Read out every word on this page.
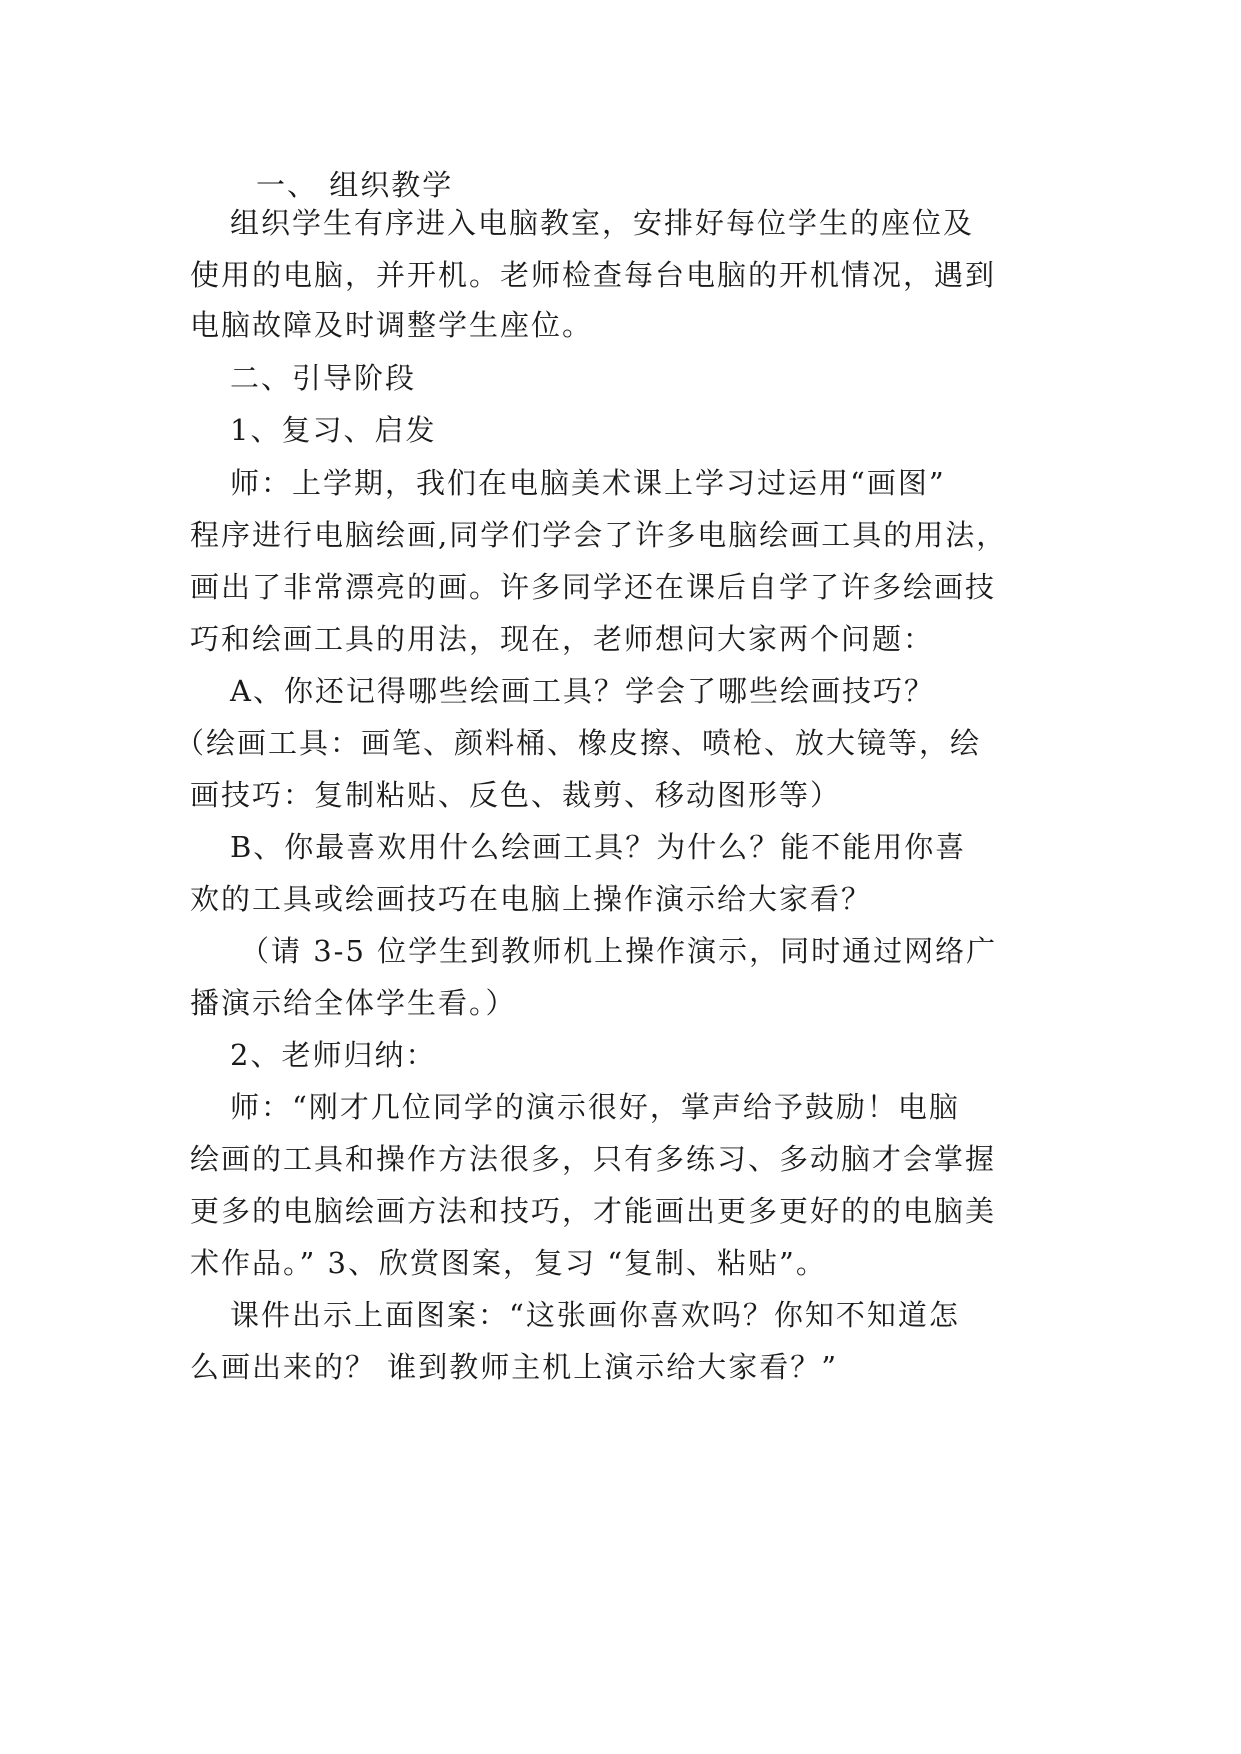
一、 组织教学
组织学生有序进入电脑教室，安排好每位学生的座位及
使用的电脑，并开机。老师检查每台电脑的开机情况，遇到
电脑故障及时调整学生座位。
二、引导阶段
1、复习、启发
师：上学期，我们在电脑美术课上学习过运用“画图”
程序进行电脑绘画,同学们学会了许多电脑绘画工具的用法，
画出了非常漂亮的画。许多同学还在课后自学了许多绘画技
巧和绘画工具的用法，现在，老师想问大家两个问题：
A、你还记得哪些绘画工具？学会了哪些绘画技巧？
（绘画工具：画笔、颜料桶、橡皮擦、喷枪、放大镜等，绘
画技巧：复制粘贴、反色、裁剪、移动图形等）
B、你最喜欢用什么绘画工具？为什么？能不能用你喜
欢的工具或绘画技巧在电脑上操作演示给大家看？
（请 3-5 位学生到教师机上操作演示，同时通过网络广
播演示给全体学生看。）
2、老师归纳：
师：“刚才几位同学的演示很好，掌声给予鼓励！电脑
绘画的工具和操作方法很多，只有多练习、多动脑才会掌握
更多的电脑绘画方法和技巧，才能画出更多更好的的电脑美
术作品。” 3、欣赏图案，复习 “复制、粘贴”。
课件出示上面图案：“这张画你喜欢吗？你知不知道怎
么画出来的？ 谁到教师主机上演示给大家看？”
